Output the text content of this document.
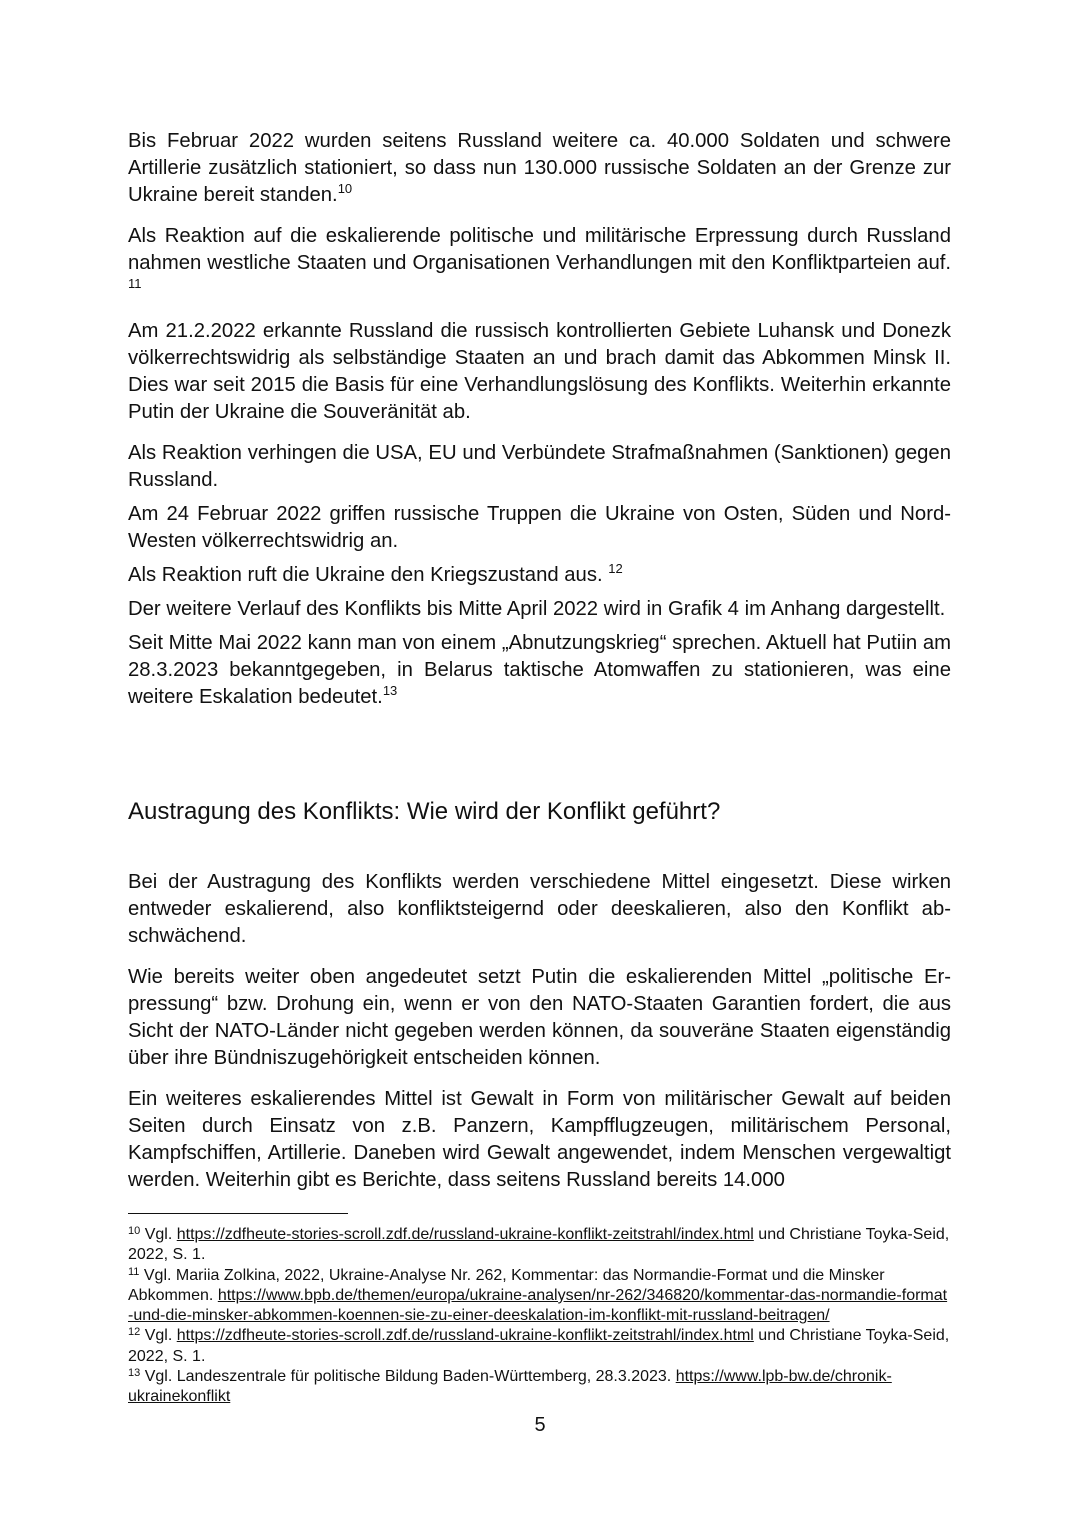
Bis Februar 2022 wurden seitens Russland weitere ca. 40.000 Soldaten und schwere Artillerie zusätzlich stationiert, so dass nun 130.000 russische Soldaten an der Grenze zur Ukraine bereit standen.$^{10}$

Als Reaktion auf die eskalierende politische und militärische Erpressung durch Russland nahmen westliche Staaten und Organisationen Verhandlungen mit den Konfliktparteien auf. $^{11}$

Am 21.2.2022 erkannte Russland die russisch kontrollierten Gebiete Luhansk und Donezk völkerrechtswidrig als selbständige Staaten an und brach damit das Abkommen Minsk II. Dies war seit 2015 die Basis für eine Verhandlungslösung des Konflikts. Weiterhin erkannte Putin der Ukraine die Souveränität ab.

Als Reaktion verhingen die USA, EU und Verbündete Strafmaßnahmen (Sanktionen) gegen Russland.

Am 24 Februar 2022 griffen russische Truppen die Ukraine von Osten, Süden und Nord-Westen völkerrechtswidrig an.

Als Reaktion ruft die Ukraine den Kriegszustand aus. $^{12}$

Der weitere Verlauf des Konflikts bis Mitte April 2022 wird in Grafik 4 im Anhang dargestellt.

Seit Mitte Mai 2022 kann man von einem „Abnutzungskrieg“ sprechen. Aktuell hat Putiin am 28.3.2023 bekanntgegeben, in Belarus taktische Atomwaffen zu stationieren, was eine weitere Eskalation bedeutet.$^{13}$

Austragung des Konflikts: Wie wird der Konflikt geführt?

Bei der Austragung des Konflikts werden verschiedene Mittel eingesetzt. Diese wirken entweder eskalierend, also konfliktsteigernd oder deeskalieren, also den Konflikt abschwächend.

Wie bereits weiter oben angedeutet setzt Putin die eskalierenden Mittel „politische Erpressung“ bzw. Drohung ein, wenn er von den NATO-Staaten Garantien fordert, die aus Sicht der NATO-Länder nicht gegeben werden können, da souveräne Staaten eigenständig über ihre Bündniszugehörigkeit entscheiden können.

Ein weiteres eskalierendes Mittel ist Gewalt in Form von militärischer Gewalt auf beiden Seiten durch Einsatz von z.B. Panzern, Kampfflugzeugen, militärischem Personal, Kampfschiffen, Artillerie. Daneben wird Gewalt angewendet, indem Menschen vergewaltigt werden. Weiterhin gibt es Berichte, dass seitens Russland bereits 14.000

$^{10}$ Vgl. https://zdfheute-stories-scroll.zdf.de/russland-ukraine-konflikt-zeitstrahl/index.html und Christiane Toyka-Seid, 2022, S. 1.

$^{11}$ Vgl. Mariia Zolkina, 2022, Ukraine-Analyse Nr. 262, Kommentar: das Normandie-Format und die Minsker Abkommen. https://www.bpb.de/themen/europa/ukraine-analysen/nr-262/346820/kommentar-das-normandie-format-und-die-minsker-abkommen-koennen-sie-zu-einer-deeskalation-im-konflikt-mit-russland-beitragen/

$^{12}$ Vgl. https://zdfheute-stories-scroll.zdf.de/russland-ukraine-konflikt-zeitstrahl/index.html und Christiane Toyka-Seid, 2022, S. 1.

$^{13}$ Vgl. Landeszentrale für politische Bildung Baden-Württemberg, 28.3.2023. https://www.lpb-bw.de/chronik-ukrainekonflikt

5
